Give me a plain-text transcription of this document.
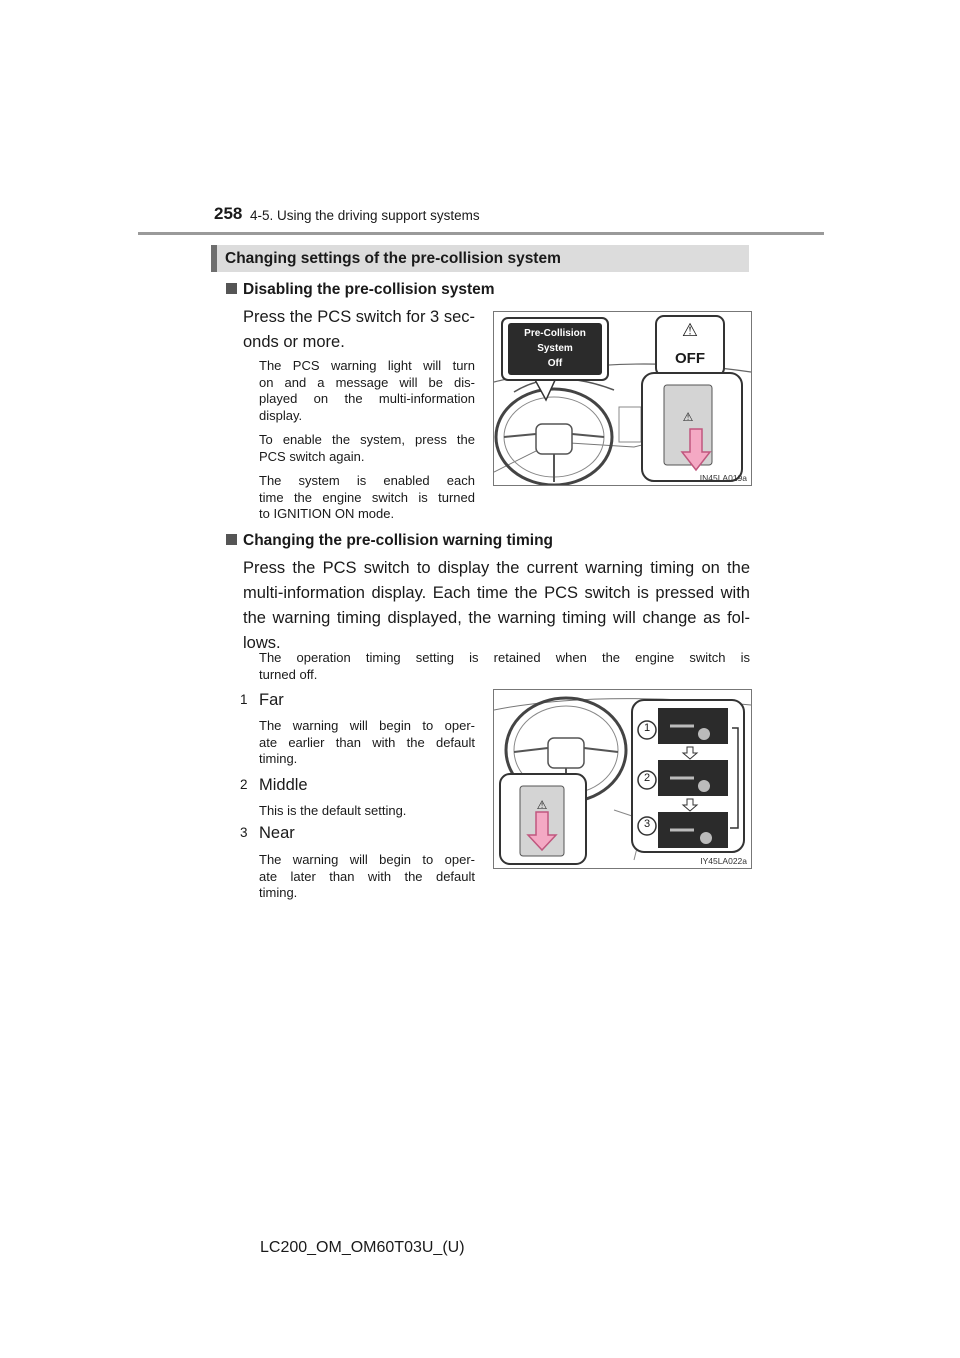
258 4-5. Using the driving support systems
Changing settings of the pre-collision system
Disabling the pre-collision system
Press the PCS switch for 3 sec-
onds or more.
The PCS warning light will turn
on and a message will be dis-
played on the multi-information
display.
To enable the system, press the
PCS switch again.
The system is enabled each
time the engine switch is turned
to IGNITION ON mode.
Pre-Collision
System
Off
⚠
OFF
⚠
IN45LA019a
Changing the pre-collision warning timing
Press the PCS switch to display the current warning timing on the
multi-information display. Each time the PCS switch is pressed with
the warning timing displayed, the warning timing will change as fol-
lows.
The operation timing setting is retained when the engine switch is
turned off.
1 Far
The warning will begin to oper-
ate earlier than with the default
timing.
2 Middle
This is the default setting.
3 Near
The warning will begin to oper-
ate later than with the default
timing.
1
2
3
⚠
IY45LA022a
LC200_OM_OM60T03U_(U)
